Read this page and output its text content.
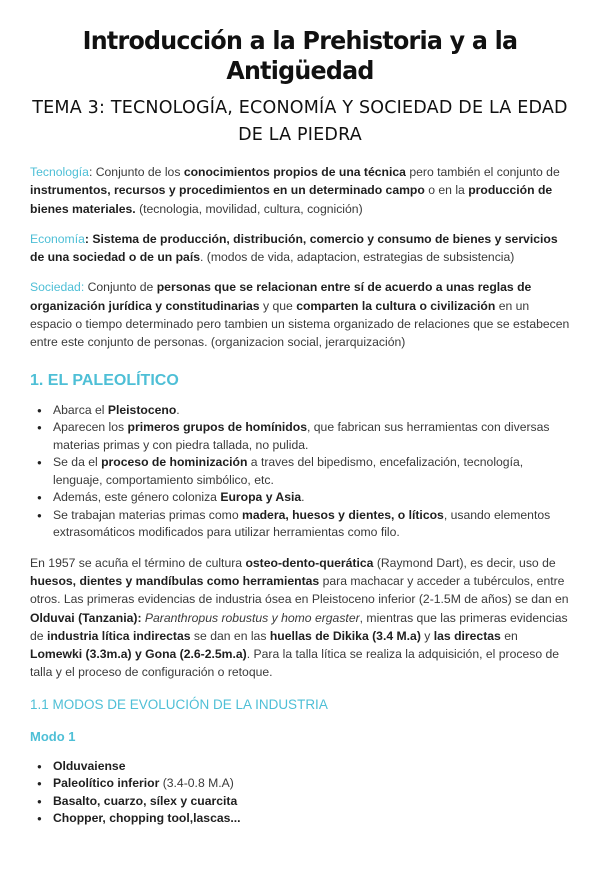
Introducción a la Prehistoria y a la Antigüedad
TEMA 3: TECNOLOGÍA, ECONOMÍA Y SOCIEDAD DE LA EDAD DE LA PIEDRA

Tecnología: Conjunto de los conocimientos propios de una técnica pero también el conjunto de instrumentos, recursos y procedimientos en un determinado campo o en la producción de bienes materiales. (tecnologia, movilidad, cultura, cognición)

Economía: Sistema de producción, distribución, comercio y consumo de bienes y servicios de una sociedad o de un país. (modos de vida, adaptacion, estrategias de subsistencia)

Sociedad: Conjunto de personas que se relacionan entre sí de acuerdo a unas reglas de organización jurídica y constitudinarias y que comparten la cultura o civilización en un espacio o tiempo determinado pero tambien un sistema organizado de relaciones que se estabecen entre este conjunto de personas. (organizacion social, jerarquización)

1. EL PALEOLÍTICO
● Abarca el Pleistoceno.
● Aparecen los primeros grupos de homínidos, que fabrican sus herramientas con diversas materias primas y con piedra tallada, no pulida.
● Se da el proceso de hominización a traves del bipedismo, encefalización, tecnología, lenguaje, comportamiento simbólico, etc.
● Además, este género coloniza Europa y Asia.
● Se trabajan materias primas como madera, huesos y dientes, o líticos, usando elementos extrasomáticos modificados para utilizar herramientas como filo.

En 1957 se acuña el término de cultura osteo-dento-querática (Raymond Dart), es decir, uso de huesos, dientes y mandíbulas como herramientas para machacar y acceder a tubérculos, entre otros. Las primeras evidencias de industria ósea en Pleistoceno inferior (2-1.5M de años) se dan en Olduvai (Tanzania): Paranthropus robustus y homo ergaster, mientras que las primeras evidencias de industria lítica indirectas se dan en las huellas de Dikika (3.4 M.a) y las directas en Lomewki (3.3m.a) y Gona (2.6-2.5m.a). Para la talla lítica se realiza la adquisición, el proceso de talla y el proceso de configuración o retoque.

1.1 MODOS DE EVOLUCIÓN DE LA INDUSTRIA
Modo 1
● Olduvaiense
● Paleolítico inferior (3.4-0.8 M.A)
● Basalto, cuarzo, sílex y cuarcita
● Chopper, chopping tool,lascas...
